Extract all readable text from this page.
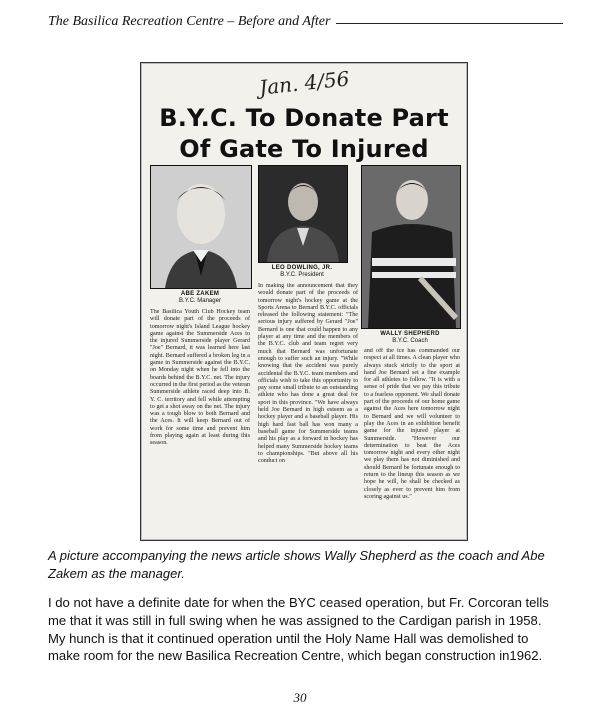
The Basilica Recreation Centre – Before and After
Jan. 4/56
B.Y.C. To Donate Part Of Gate To Injured
ABE ZAKEM
B.Y.C. Manager
LEO DOWLING, JR.
B.Y.C. President
WALLY SHEPHERD
B.Y.C. Coach
The Basilica Youth Club Hockey team will donate part of the proceeds of tomorrow night's Island League hockey game against the Summerside Aces to the injured Summerside player Gerard "Joe" Bernard, it was learned here last night. Bernard suffered a broken leg in a game in Summerside against the B.Y.C. on Monday night when he fell into the boards behind the B.Y.C. net. The injury occurred in the first period as the veteran Summerside athlete raced deep into B. Y. C. territory and fell while attempting to get a shot away on the net. The injury was a tough blow to both Bernard and the Aces. It will keep Bernard out of work for some time and prevent him from playing again at least during this season.
In making the announcement that they would donate part of the proceeds of tomorrow night's hockey game at the Sports Arena to Bernard B.Y.C. officials released the following statement: "The serious injury suffered by Gerard "Joe" Bernard is one that could happen to any player at any time and the members of the B.Y.C. club and team regret very much that Bernard was unfortunate enough to suffer such an injury. "While knowing that the accident was purely accidental the B.Y.C. team members and officials wish to take this opportunity to pay some small tribute to an outstanding athlete who has done a great deal for sport in this province. "We have always held Joe Bernard in high esteem as a hockey player and a baseball player. His high hard fast ball has won many a baseball game for Summerside teams and his play as a forward in hockey has helped many Summerside hockey teams to championships. "But above all his conduct on
and off the ice has commanded our respect at all times. A clean player who always stuck strictly to the sport at hand Joe Bernard set a fine example for all athletes to follow. "It is with a sense of pride that we pay this tribute to a fearless opponent. We shall donate part of the proceeds of our home game against the Aces here tomorrow night to Bernard and we will volunteer to play the Aces in an exhibition benefit game for the injured player at Summerside. "However our determination to beat the Aces tomorrow night and every other night we play them has not diminished and should Bernard be fortunate enough to return to the lineup this season as we hope he will, he shall be checked as closely as ever to prevent him from scoring against us."

A picture accompanying the news article shows Wally Shepherd as the coach and Abe Zakem as the manager.

I do not have a definite date for when the BYC ceased operation, but Fr. Corcoran tells me that it was still in full swing when he was assigned to the Cardigan parish in 1958. My hunch is that it continued operation until the Holy Name Hall was demolished to make room for the new Basilica Recreation Centre, which began construction in1962.

30
